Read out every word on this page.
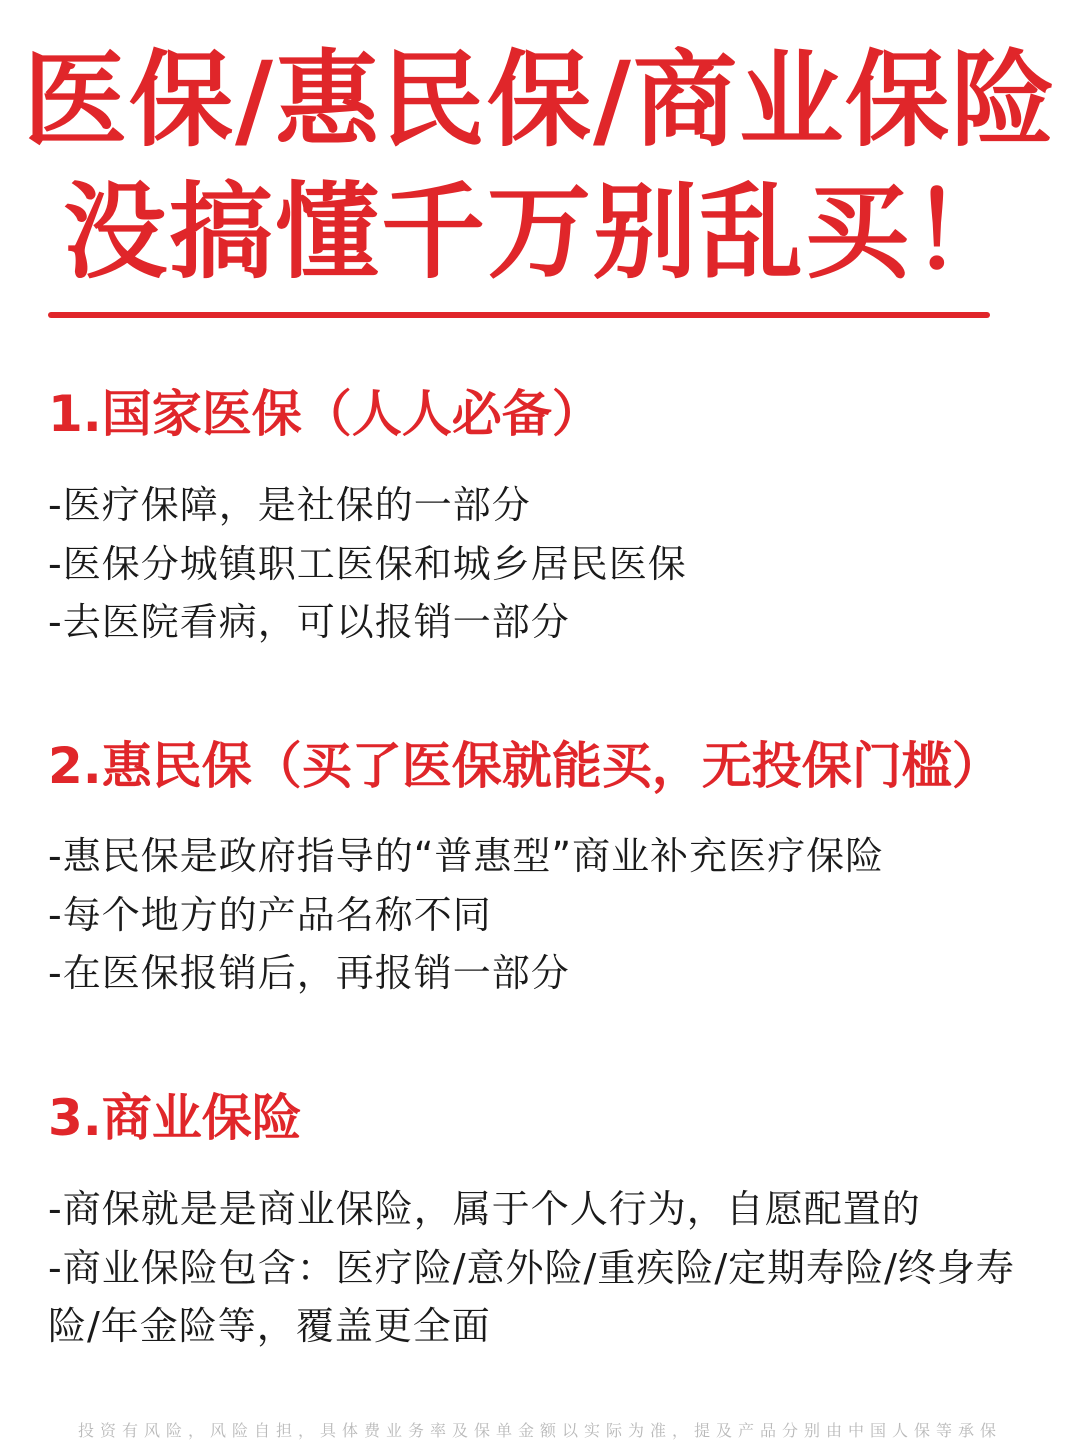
医保/惠民保/商业保险
没搞懂千万别乱买！
1.国家医保（人人必备）
-医疗保障，是社保的一部分
-医保分城镇职工医保和城乡居民医保
-去医院看病，可以报销一部分
2.惠民保（买了医保就能买，无投保门槛）
-惠民保是政府指导的“普惠型”商业补充医疗保险
-每个地方的产品名称不同
-在医保报销后，再报销一部分
3.商业保险
-商保就是是商业保险，属于个人行为，自愿配置的
-商业保险包含：医疗险/意外险/重疾险/定期寿险/终身寿险/年金险等，覆盖更全面
投资有风险，风险自担，具体费业务率及保单金额以实际为准，提及产品分别由中国人保等承保
